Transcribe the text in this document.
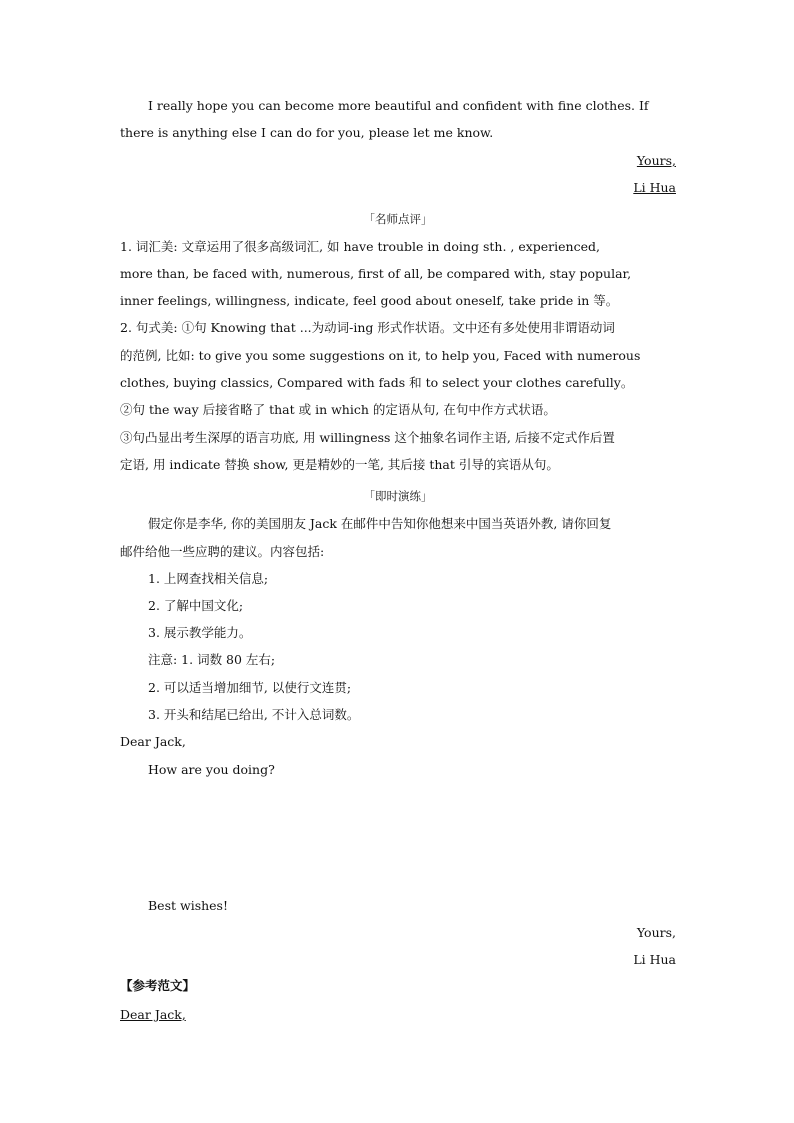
I really hope you can become more beautiful and confident with fine clothes. If
there is anything else I can do for you, please let me know.
Yours,
Li Hua
「名师点评」
1. 词汇美: 文章运用了很多高级词汇, 如 have trouble in doing sth. , experienced,
more than, be faced with, numerous, first of all, be compared with, stay popular,
inner feelings, willingness, indicate, feel good about oneself, take pride in 等。
2. 句式美: ①句 Knowing that ...为动词-ing 形式作状语。文中还有多处使用非谓语动词
的范例, 比如: to give you some suggestions on it, to help you, Faced with numerous
clothes, buying classics, Compared with fads 和 to select your clothes carefully。
②句 the way 后接省略了 that 或 in which 的定语从句, 在句中作方式状语。
③句凸显出考生深厚的语言功底, 用 willingness 这个抽象名词作主语, 后接不定式作后置
定语, 用 indicate 替换 show, 更是精妙的一笔, 其后接 that 引导的宾语从句。
「即时演练」
假定你是李华, 你的美国朋友 Jack 在邮件中告知你他想来中国当英语外教, 请你回复
邮件给他一些应聘的建议。内容包括:
1. 上网查找相关信息;
2. 了解中国文化;
3. 展示教学能力。
注意: 1. 词数 80 左右;
2. 可以适当增加细节, 以使行文连贯;
3. 开头和结尾已给出, 不计入总词数。
Dear Jack,
How are you doing?
Best wishes!
Yours,
Li Hua
【参考范文】
Dear Jack,
